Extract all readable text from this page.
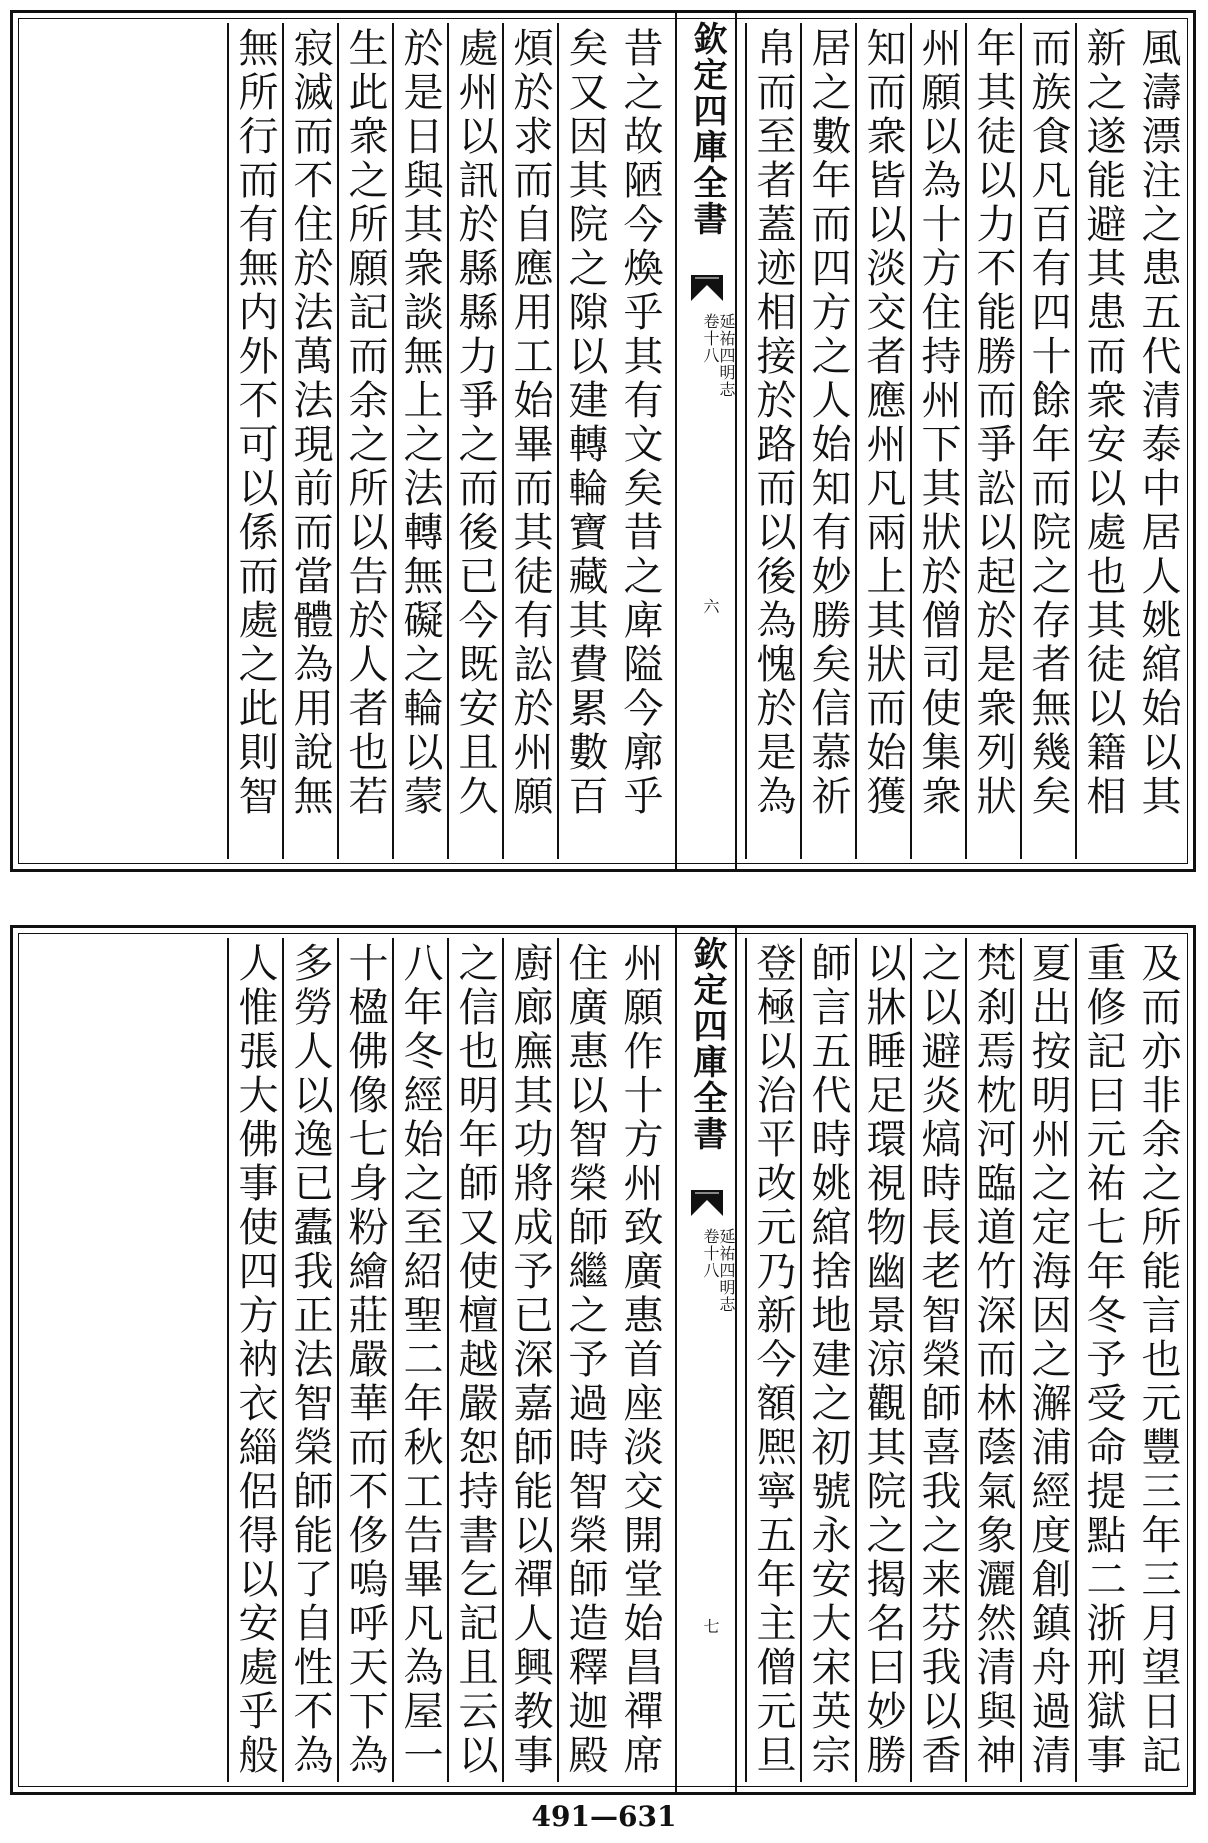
風濤漂注之患五代清泰中居人姚綰始以其
新之遂能避其患而衆安以處也其徒以籍相
而族食凡百有四十餘年而院之存者無幾矣
年其徒以力不能勝而爭訟以起於是衆列狀
州願以為十方住持州下其狀於僧司使集衆
知而衆皆以淡交者應州凡兩上其狀而始獲
居之數年而四方之人始知有妙勝矣信慕祈
帛而至者蓋迹相接於路而以後為愧於是為
欽定四庫全書
延祐四明志
卷十八
六
昔之故陋今煥乎其有文矣昔之庳隘今廓乎
矣又因其院之隙以建轉輪寶藏其費累數百
煩於求而自應用工始畢而其徒有訟於州願
處州以訊於縣縣力爭之而後已今既安且久
於是日與其衆談無上之法轉無礙之輪以蒙
生此衆之所願記而余之所以告於人者也若
寂滅而不住於法萬法現前而當體為用說無
無所行而有無内外不可以係而處之此則智
及而亦非余之所能言也元豐三年三月望日記
重修記曰元祐七年冬予受命提點二浙刑獄事
夏出按明州之定海因之澥浦經度創鎮舟過清
梵刹焉枕河臨道竹深而林蔭氣象灑然清與神
之以避炎熇時長老智榮師喜我之来芬我以香
以牀睡足環視物幽景涼觀其院之揭名曰妙勝
師言五代時姚綰捨地建之初號永安大宋英宗
登極以治平改元乃新今額熈寧五年主僧元旦
欽定四庫全書
延祐四明志
卷十八
七
州願作十方州致廣惠首座淡交開堂始昌禪席
住廣惠以智榮師繼之予過時智榮師造釋迦殿
廚廊廡其功將成予已深嘉師能以禪人興教事
之信也明年師又使檀越嚴恕持書乞記且云以
八年冬經始之至紹聖二年秋工告畢凡為屋一
十楹佛像七身粉繪莊嚴華而不侈嗚呼天下為
多勞人以逸已蠹我正法智榮師能了自性不為
人惟張大佛事使四方衲衣緇侶得以安處乎般
491—631
